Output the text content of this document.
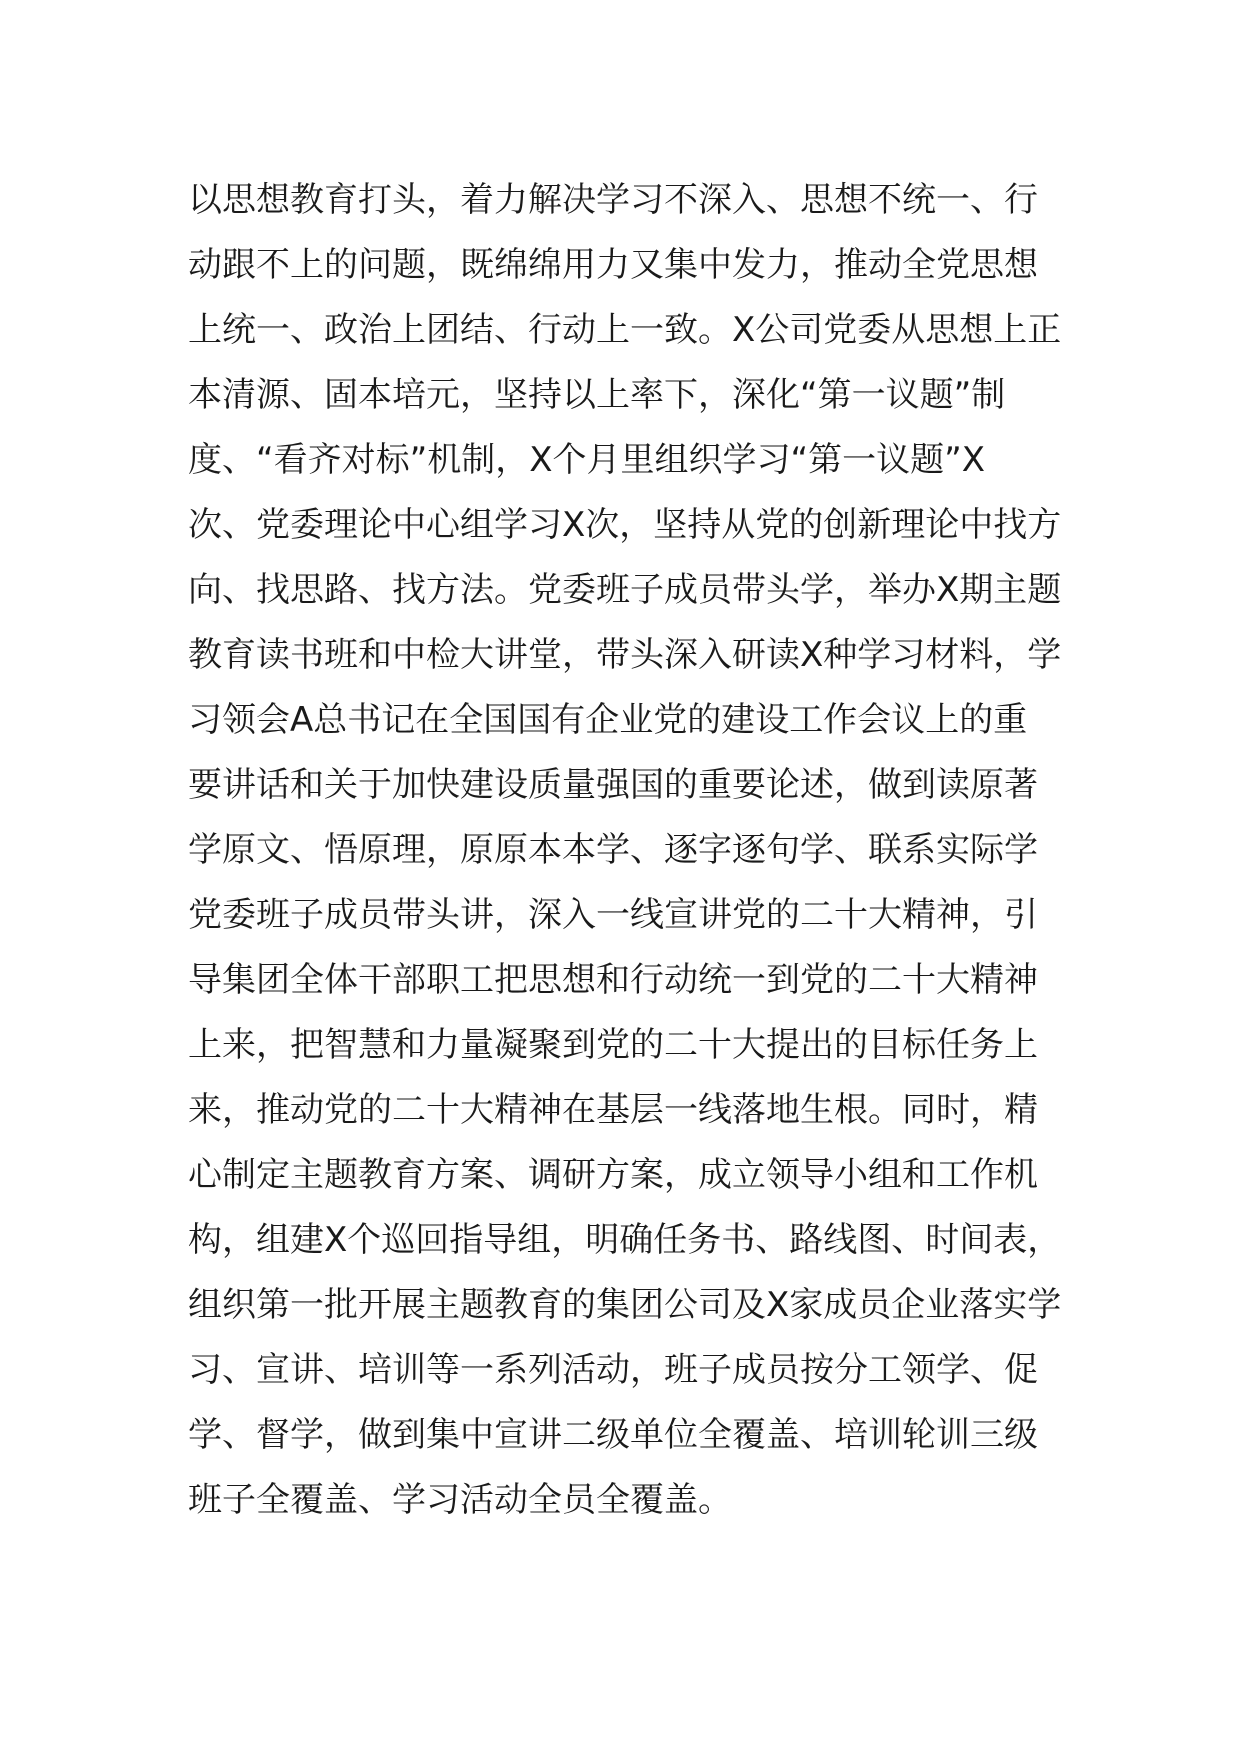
以思想教育打头，着力解决学习不深入、思想不统一、行
动跟不上的问题，既绵绵用力又集中发力，推动全党思想
上统一、政治上团结、行动上一致。X公司党委从思想上正
本清源、固本培元，坚持以上率下，深化“第一议题”制
度、“看齐对标”机制，X个月里组织学习“第一议题”X
次、党委理论中心组学习X次，坚持从党的创新理论中找方
向、找思路、找方法。党委班子成员带头学，举办X期主题
教育读书班和中检大讲堂，带头深入研读X种学习材料，学
习领会A总书记在全国国有企业党的建设工作会议上的重
要讲话和关于加快建设质量强国的重要论述，做到读原著
学原文、悟原理，原原本本学、逐字逐句学、联系实际学
党委班子成员带头讲，深入一线宣讲党的二十大精神，引
导集团全体干部职工把思想和行动统一到党的二十大精神
上来，把智慧和力量凝聚到党的二十大提出的目标任务上
来，推动党的二十大精神在基层一线落地生根。同时，精
心制定主题教育方案、调研方案，成立领导小组和工作机
构，组建X个巡回指导组，明确任务书、路线图、时间表，
组织第一批开展主题教育的集团公司及X家成员企业落实学
习、宣讲、培训等一系列活动，班子成员按分工领学、促
学、督学，做到集中宣讲二级单位全覆盖、培训轮训三级
班子全覆盖、学习活动全员全覆盖。
